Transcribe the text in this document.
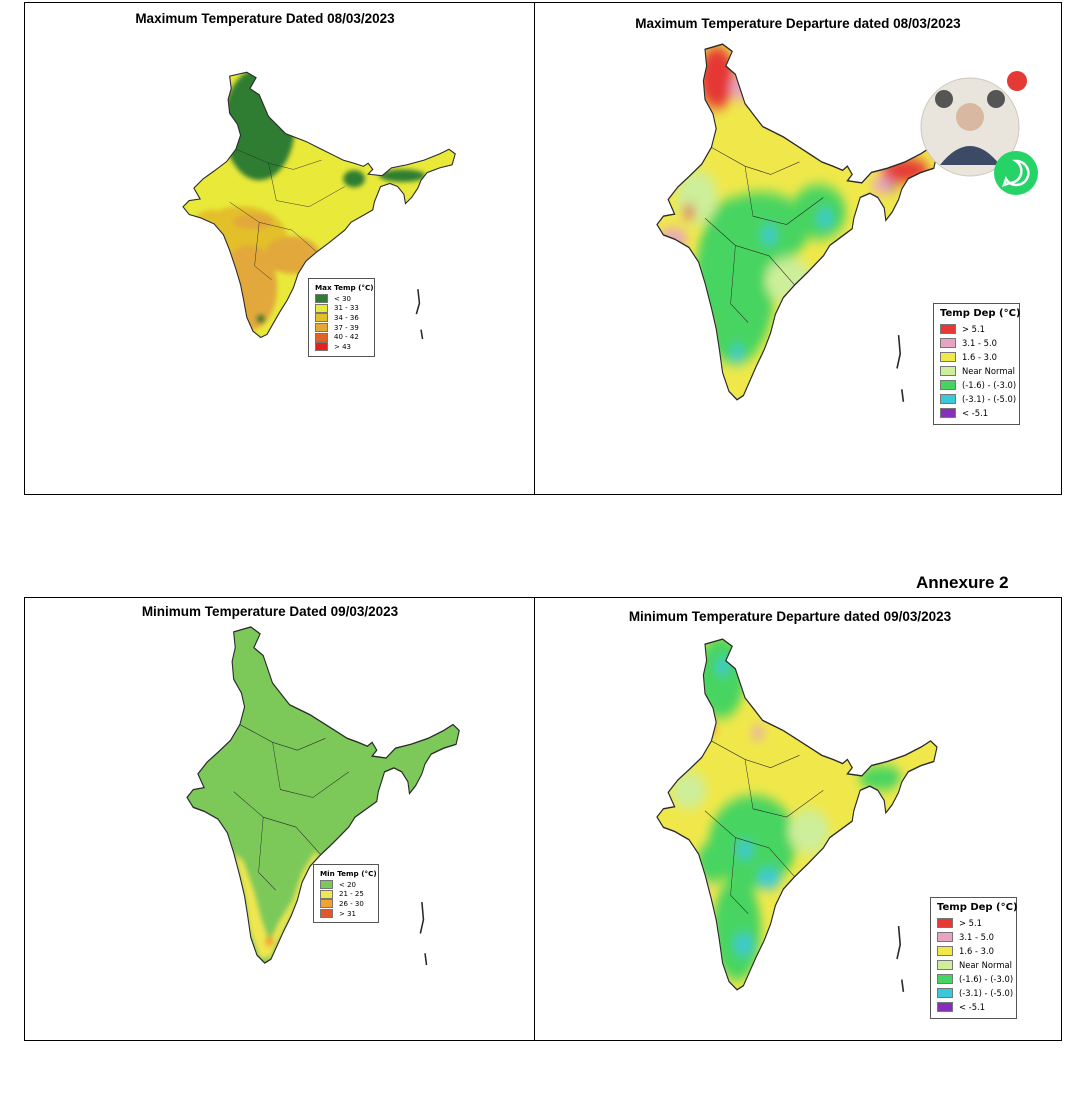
Annexure 2
Maximum Temperature Dated 08/03/2023
Max Temp (°C)
< 30
31 - 33
34 - 36
37 - 39
40 - 42
> 43
Maximum Temperature Departure dated 08/03/2023
Temp Dep (°C)
> 5.1
3.1 - 5.0
1.6 - 3.0
Near Normal
(-1.6) - (-3.0)
(-3.1) - (-5.0)
< -5.1
Minimum Temperature Dated 09/03/2023
Min Temp (°C)
< 20
21 - 25
26 - 30
> 31
Minimum Temperature Departure dated 09/03/2023
Temp Dep (°C)
> 5.1
3.1 - 5.0
1.6 - 3.0
Near Normal
(-1.6) - (-3.0)
(-3.1) - (-5.0)
< -5.1
